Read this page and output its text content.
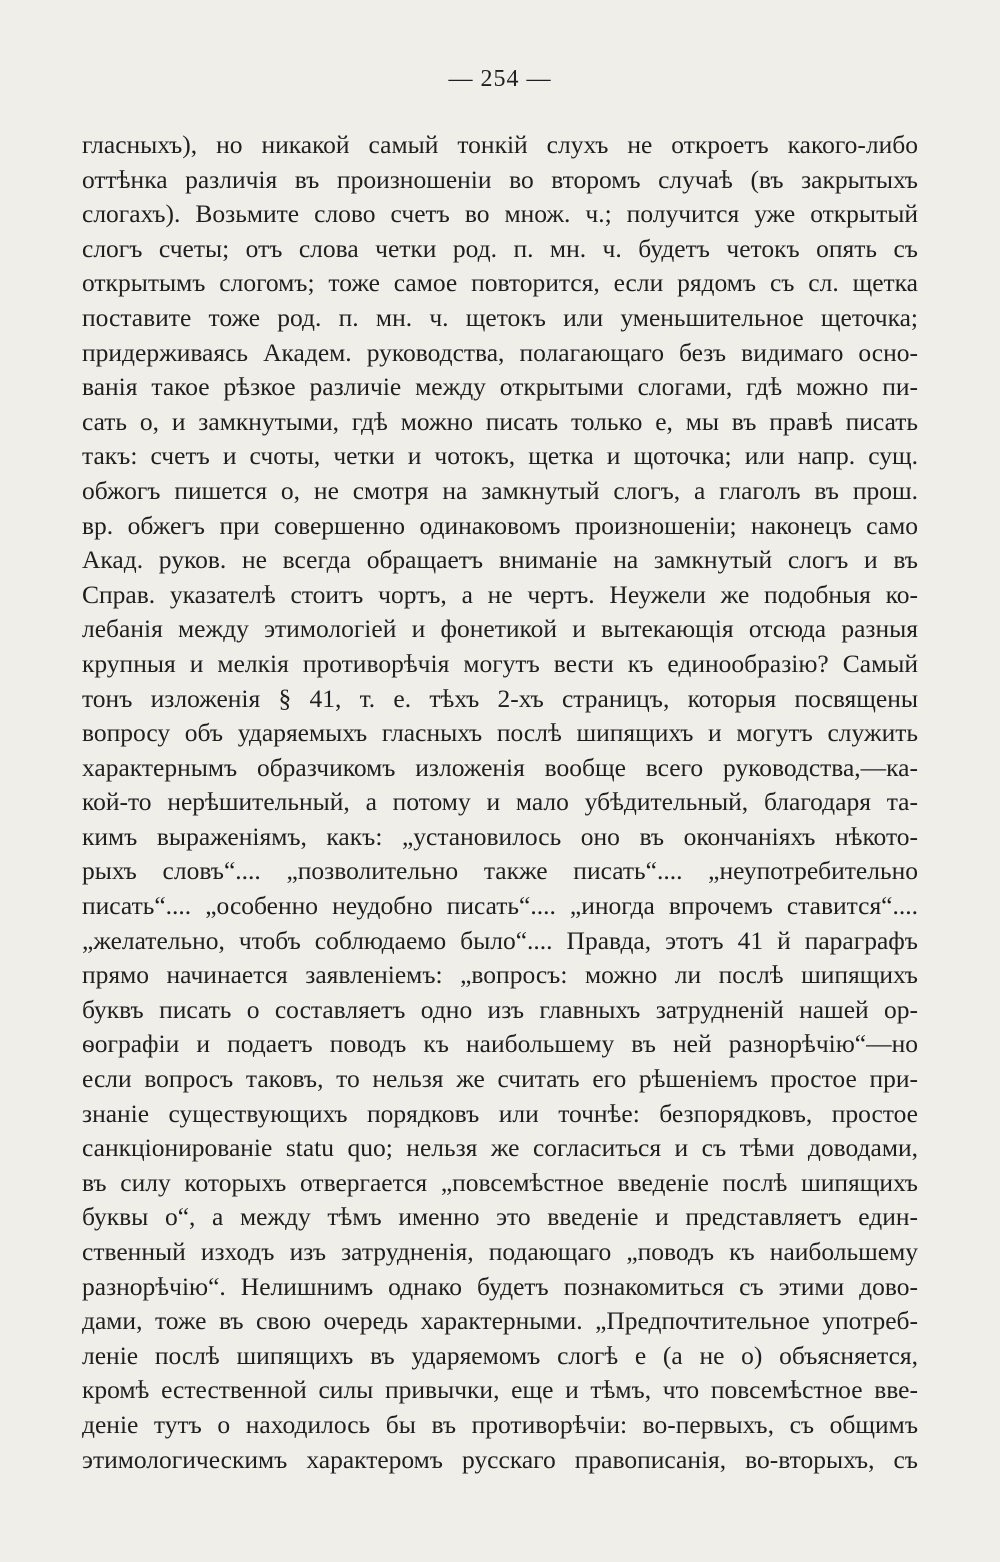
— 254 —
гласныхъ), но никакой самый тонкій слухъ не откроетъ какого-либо
оттѣнка различія въ произношеніи во второмъ случаѣ (въ закрытыхъ
слогахъ). Возьмите слово счетъ во множ. ч.; получится уже открытый
слогъ счеты; отъ слова четки род. п. мн. ч. будетъ четокъ опять съ
открытымъ слогомъ; тоже самое повторится, если рядомъ съ сл. щетка
поставите тоже род. п. мн. ч. щетокъ или уменьшительное щеточка;
придерживаясь Академ. руководства, полагающаго безъ видимаго осно-
ванія такое рѣзкое различіе между открытыми слогами, гдѣ можно пи-
сать о, и замкнутыми, гдѣ можно писать только е, мы въ правѣ писать
такъ: счетъ и счоты, четки и чотокъ, щетка и щоточка; или напр. сущ.
обжогъ пишется о, не смотря на замкнутый слогъ, а глаголъ въ прош.
вр. обжегъ при совершенно одинаковомъ произношеніи; наконецъ само
Акад. руков. не всегда обращаетъ вниманіе на замкнутый слогъ и въ
Справ. указателѣ стоитъ чортъ, а не чертъ. Неужели же подобныя ко-
лебанія между этимологіей и фонетикой и вытекающія отсюда разныя
крупныя и мелкія противорѣчія могутъ вести къ единообразію? Самый
тонъ изложенія § 41, т. е. тѣхъ 2-хъ страницъ, которыя посвящены
вопросу объ ударяемыхъ гласныхъ послѣ шипящихъ и могутъ служить
характернымъ образчикомъ изложенія вообще всего руководства,—ка-
кой-то нерѣшительный, а потому и мало убѣдительный, благодаря та-
кимъ выраженіямъ, какъ: „установилось оно въ окончаніяхъ нѣкото-
рыхъ словъ“.... „позволительно также писать“.... „неупотребительно
писать“.... „особенно неудобно писать“.... „иногда впрочемъ ставится“....
„желательно, чтобъ соблюдаемо было“.... Правда, этотъ 41 й параграфъ
прямо начинается заявленіемъ: „вопросъ: можно ли послѣ шипящихъ
буквъ писать о составляетъ одно изъ главныхъ затрудненій нашей ор-
ѳографіи и подаетъ поводъ къ наибольшему въ ней разнорѣчію“—но
если вопросъ таковъ, то нельзя же считать его рѣшеніемъ простое при-
знаніе существующихъ порядковъ или точнѣе: безпорядковъ, простое
санкціонированіе statu quo; нельзя же согласиться и съ тѣми доводами,
въ силу которыхъ отвергается „повсемѣстное введеніе послѣ шипящихъ
буквы о“, а между тѣмъ именно это введеніе и представляетъ един-
ственный изходъ изъ затрудненія, подающаго „поводъ къ наибольшему
разнорѣчію“. Нелишнимъ однако будетъ познакомиться съ этими дово-
дами, тоже въ свою очередь характерными. „Предпочтительное употреб-
леніе послѣ шипящихъ въ ударяемомъ слогѣ е (а не о) объясняется,
кромѣ естественной силы привычки, еще и тѣмъ, что повсемѣстное вве-
деніе тутъ о находилось бы въ противорѣчіи: во-первыхъ, съ общимъ
этимологическимъ характеромъ русскаго правописанія, во-вторыхъ, съ
